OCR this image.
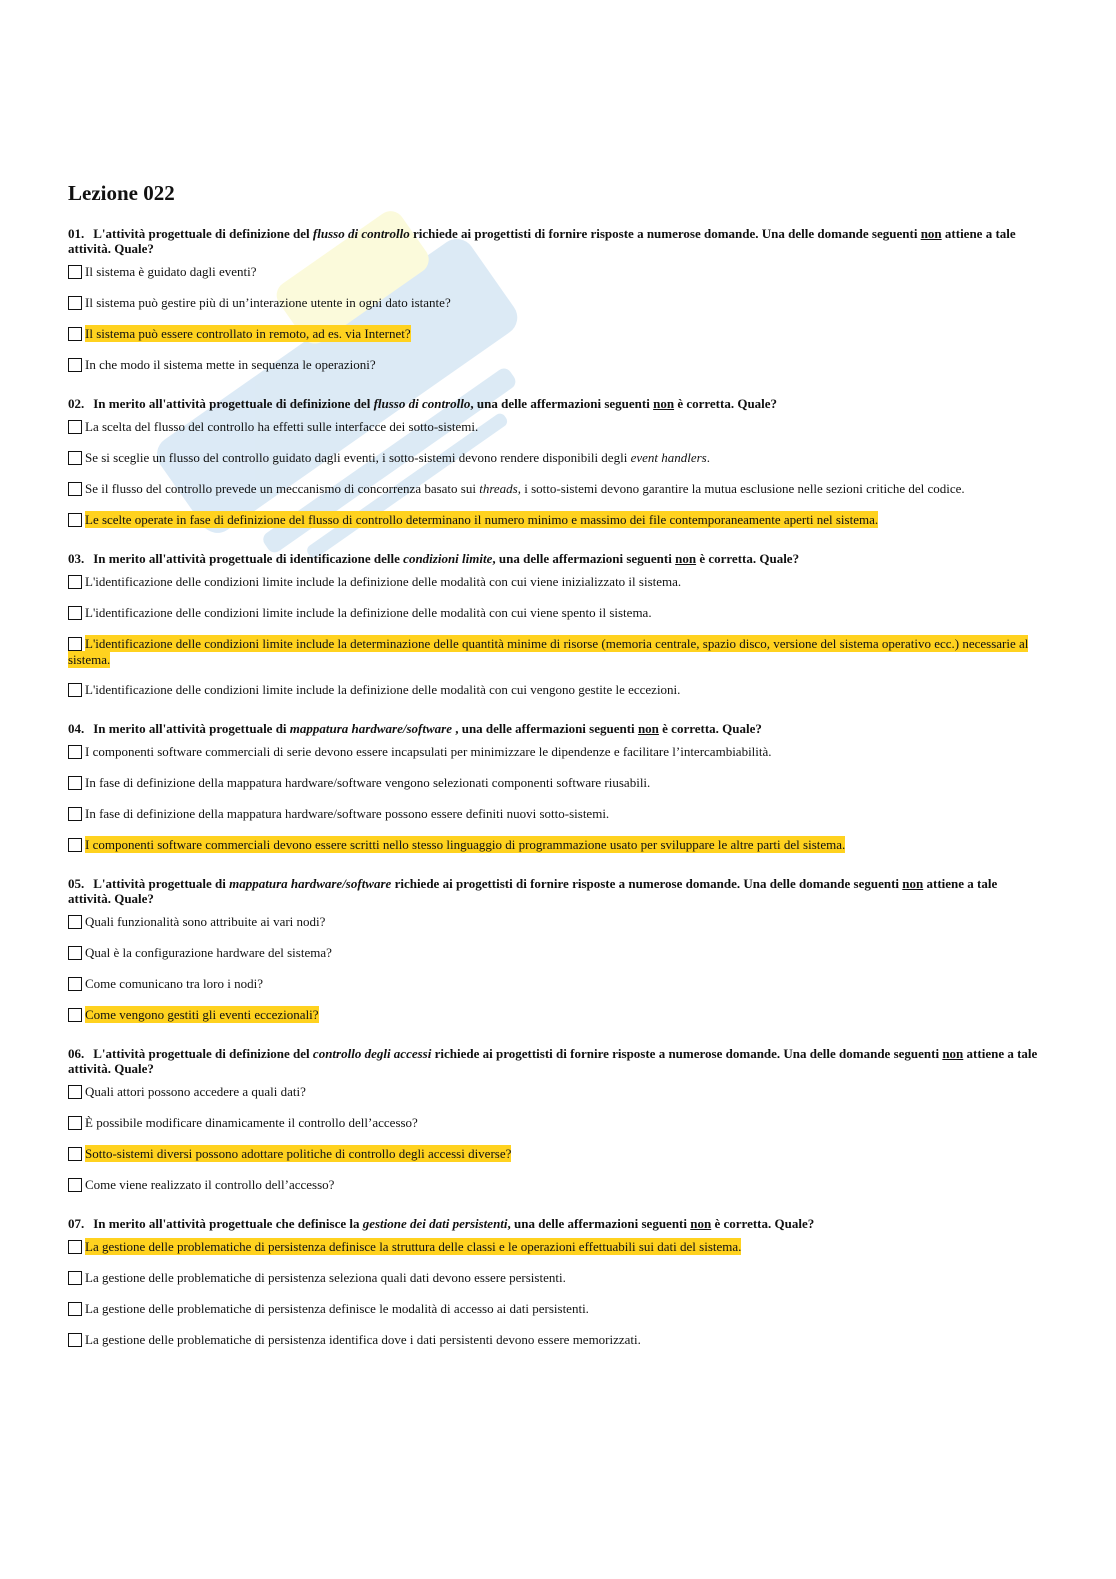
Lezione 022
01. L'attività progettuale di definizione del flusso di controllo richiede ai progettisti di fornire risposte a numerose domande. Una delle domande seguenti non attiene a tale attività. Quale?
Il sistema è guidato dagli eventi?
Il sistema può gestire più di un’interazione utente in ogni dato istante?
Il sistema può essere controllato in remoto, ad es. via Internet?
In che modo il sistema mette in sequenza le operazioni?
02. In merito all'attività progettuale di definizione del flusso di controllo, una delle affermazioni seguenti non è corretta. Quale?
La scelta del flusso del controllo ha effetti sulle interfacce dei sotto-sistemi.
Se si sceglie un flusso del controllo guidato dagli eventi, i sotto-sistemi devono rendere disponibili degli event handlers.
Se il flusso del controllo prevede un meccanismo di concorrenza basato sui threads, i sotto-sistemi devono garantire la mutua esclusione nelle sezioni critiche del codice.
Le scelte operate in fase di definizione del flusso di controllo determinano il numero minimo e massimo dei file contemporaneamente aperti nel sistema.
03. In merito all'attività progettuale di identificazione delle condizioni limite, una delle affermazioni seguenti non è corretta. Quale?
L'identificazione delle condizioni limite include la definizione delle modalità con cui viene inizializzato il sistema.
L'identificazione delle condizioni limite include la definizione delle modalità con cui viene spento il sistema.
L'identificazione delle condizioni limite include la determinazione delle quantità minime di risorse (memoria centrale, spazio disco, versione del sistema operativo ecc.) necessarie al sistema.
L'identificazione delle condizioni limite include la definizione delle modalità con cui vengono gestite le eccezioni.
04. In merito all'attività progettuale di mappatura hardware/software , una delle affermazioni seguenti non è corretta. Quale?
I componenti software commerciali di serie devono essere incapsulati per minimizzare le dipendenze e facilitare l’intercambiabilità.
In fase di definizione della mappatura hardware/software vengono selezionati componenti software riusabili.
In fase di definizione della mappatura hardware/software possono essere definiti nuovi sotto-sistemi.
I componenti software commerciali devono essere scritti nello stesso linguaggio di programmazione usato per sviluppare le altre parti del sistema.
05. L'attività progettuale di mappatura hardware/software richiede ai progettisti di fornire risposte a numerose domande. Una delle domande seguenti non attiene a tale attività. Quale?
Quali funzionalità sono attribuite ai vari nodi?
Qual è la configurazione hardware del sistema?
Come comunicano tra loro i nodi?
Come vengono gestiti gli eventi eccezionali?
06. L'attività progettuale di definizione del controllo degli accessi richiede ai progettisti di fornire risposte a numerose domande. Una delle domande seguenti non attiene a tale attività. Quale?
Quali attori possono accedere a quali dati?
È possibile modificare dinamicamente il controllo dell’accesso?
Sotto-sistemi diversi possono adottare politiche di controllo degli accessi diverse?
Come viene realizzato il controllo dell’accesso?
07. In merito all'attività progettuale che definisce la gestione dei dati persistenti, una delle affermazioni seguenti non è corretta. Quale?
La gestione delle problematiche di persistenza definisce la struttura delle classi e le operazioni effettuabili sui dati del sistema.
La gestione delle problematiche di persistenza seleziona quali dati devono essere persistenti.
La gestione delle problematiche di persistenza definisce le modalità di accesso ai dati persistenti.
La gestione delle problematiche di persistenza identifica dove i dati persistenti devono essere memorizzati.
